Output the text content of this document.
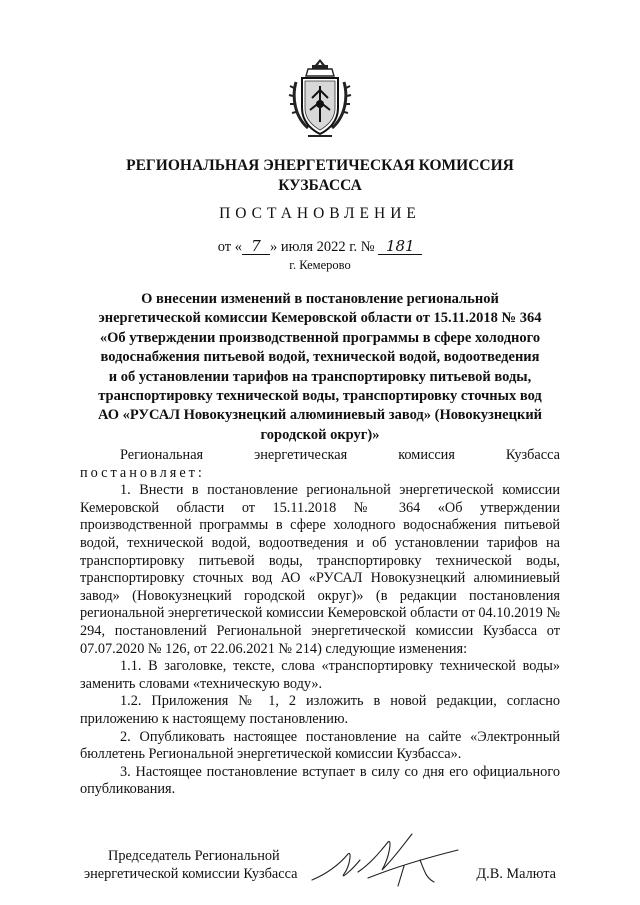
РЕГИОНАЛЬНАЯ ЭНЕРГЕТИЧЕСКАЯ КОМИССИЯ
КУЗБАССА
ПОСТАНОВЛЕНИЕ
от « 7 » июля 2022 г. № 181
г. Кемерово
О внесении изменений в постановление региональной
энергетической комиссии Кемеровской области от 15.11.2018 № 364
«Об утверждении производственной программы в сфере холодного
водоснабжения питьевой водой, технической водой, водоотведения
и об установлении тарифов на транспортировку питьевой воды,
транспортировку технической воды, транспортировку сточных вод
АО «РУСАЛ Новокузнецкий алюминиевый завод» (Новокузнецкий
городской округ)»

Региональная энергетическая комиссия Кузбасса

постановляет:

1. Внести в постановление региональной энергетической комиссии Кемеровской области от 15.11.2018 № 364 «Об утверждении производственной программы в сфере холодного водоснабжения питьевой водой, технической водой, водоотведения и об установлении тарифов на транспортировку питьевой воды, транспортировку технической воды, транспортировку сточных вод АО «РУСАЛ Новокузнецкий алюминиевый завод» (Новокузнецкий городской округ)» (в редакции постановления региональной энергетической комиссии Кемеровской области от 04.10.2019 № 294, постановлений Региональной энергетической комиссии Кузбасса от 07.07.2020 № 126, от 22.06.2021 № 214) следующие изменения:

1.1. В заголовке, тексте, слова «транспортировку технической воды» заменить словами «техническую воду».

1.2. Приложения № 1, 2 изложить в новой редакции, согласно приложению к настоящему постановлению.

2. Опубликовать настоящее постановление на сайте «Электронный бюллетень Региональной энергетической комиссии Кузбасса».

3. Настоящее постановление вступает в силу со дня его официального опубликования.

Председатель Региональной
энергетической комиссии Кузбасса	Д.В. Малюта
